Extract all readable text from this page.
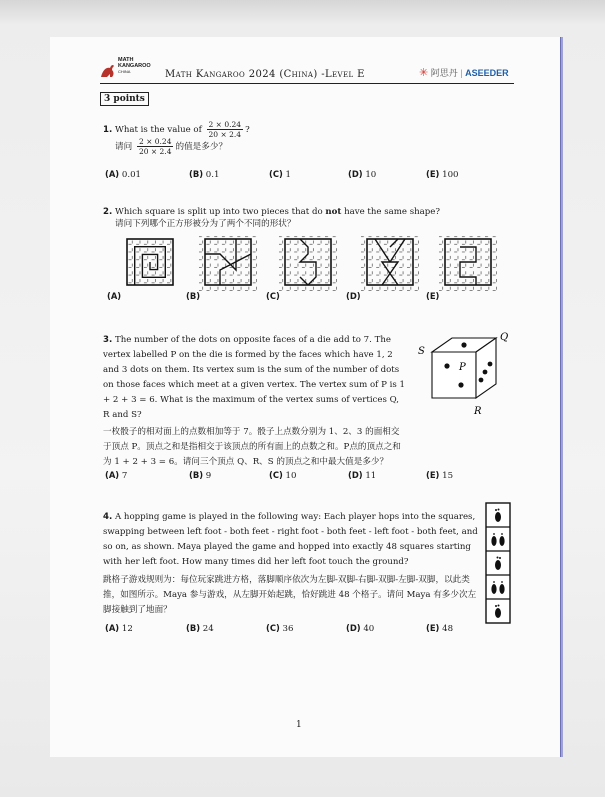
MATH
KANGAROO
CHINA	Math Kangaroo 2024 (China) -Level E	✳ 阿思丹 | ASEEDER
3 points
1. What is the value of $\frac{2 \times 0.24}{20 \times 2.4}$ ?
请问 $\frac{2 \times 0.24}{20 \times 2.4}$ 的值是多少？
(A) 0.01	(B) 0.1	(C) 1	(D) 10	(E) 100
2. Which square is split up into two pieces that do not have the same shape?
请问下列哪个正方形被分为了两个不同的形状？
(A)	(B)	(C)	(D)	(E)
3. The number of the dots on opposite faces of a die add to 7. The vertex labelled P on the die is formed by the faces which have 1, 2 and 3 dots on them. Its vertex sum is the sum of the number of dots on those faces which meet at a given vertex. The vertex sum of P is 1 + 2 + 3 = 6. What is the maximum of the vertex sums of vertices Q, R and S?
一枚骰子的相对面上的点数相加等于 7。骰子上点数分别为 1、2、3 的面相交于顶点 P。顶点之和是指相交于该顶点的所有面上的点数之和。P点的顶点之和为 1 + 2 + 3 = 6。请问三个顶点 Q、R、S 的顶点之和中最大值是多少？
S
Q
P
R
(A) 7	(B) 9	(C) 10	(D) 11	(E) 15
4. A hopping game is played in the following way: Each player hops into the squares, swapping between left foot - both feet - right foot - both feet - left foot - both feet, and so on, as shown. Maya played the game and hopped into exactly 48 squares starting with her left foot. How many times did her left foot touch the ground?
跳格子游戏规则为：每位玩家跳进方格，落脚顺序依次为左脚-双脚-右脚-双脚-左脚-双脚，以此类推，如图所示。Maya 参与游戏，从左脚开始起跳，恰好跳进 48 个格子。请问 Maya 有多少次左脚接触到了地面？
(A) 12	(B) 24	(C) 36	(D) 40	(E) 48
1
